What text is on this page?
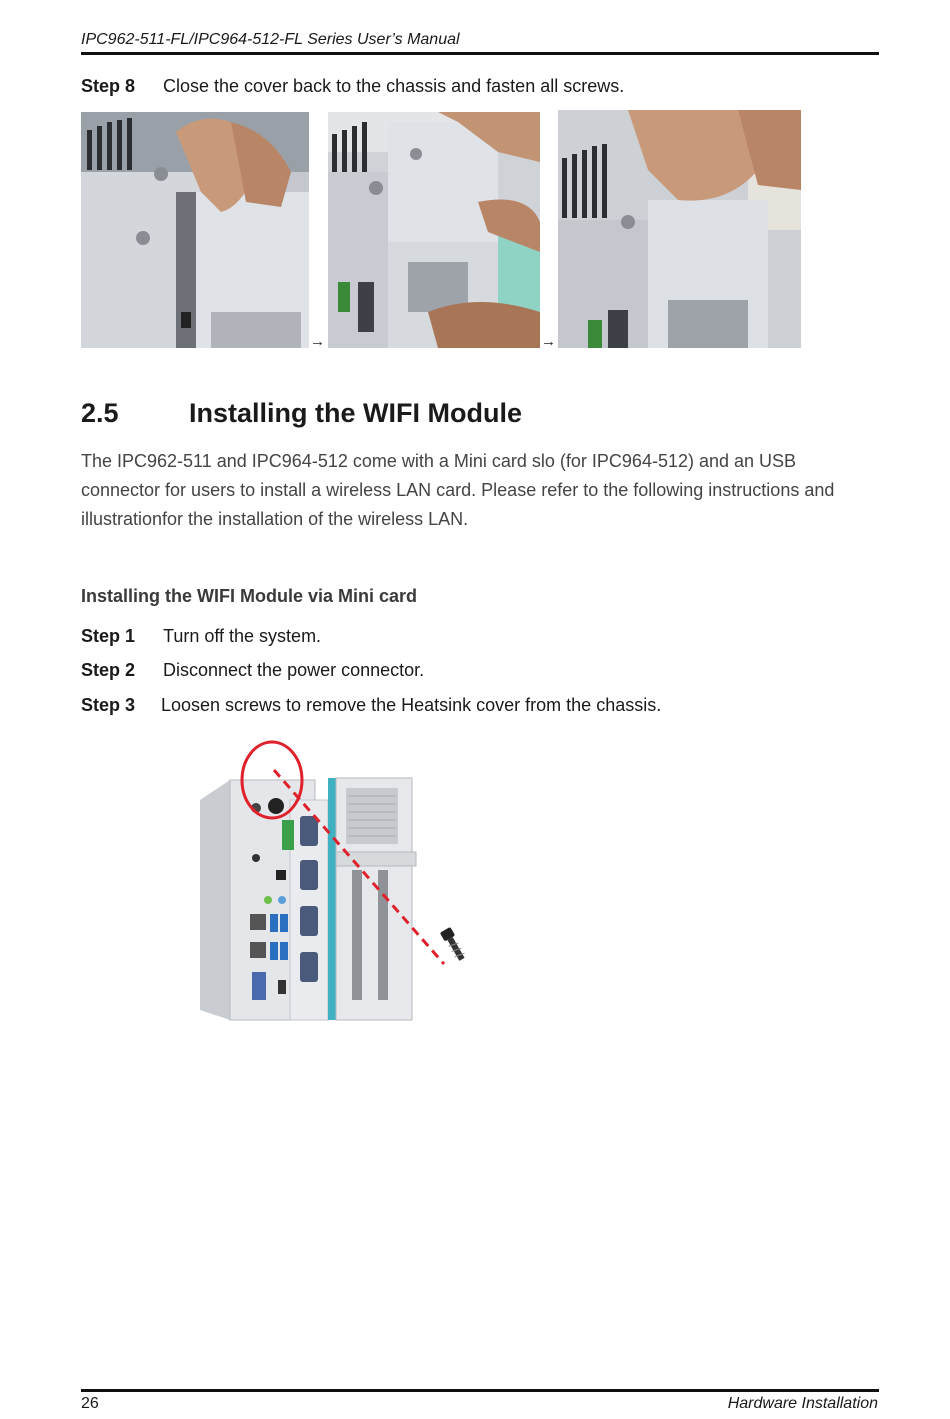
IPC962-511-FL/IPC964-512-FL Series User’s Manual
Step 8 Close the cover back to the chassis and fasten all screws.
→	→
2.5	Installing the WIFI Module
The IPC962-511 and IPC964-512 come with a Mini card slo (for IPC964-512) and an USB connector for users to install a wireless LAN card. Please refer to the following instructions and illustrationfor the installation of the wireless LAN.
Installing the WIFI Module via Mini card
Step 1 Turn off the system.
Step 2 Disconnect the power connector.
Step 3 Loosen screws to remove the Heatsink cover from the chassis.
26	Hardware Installation
